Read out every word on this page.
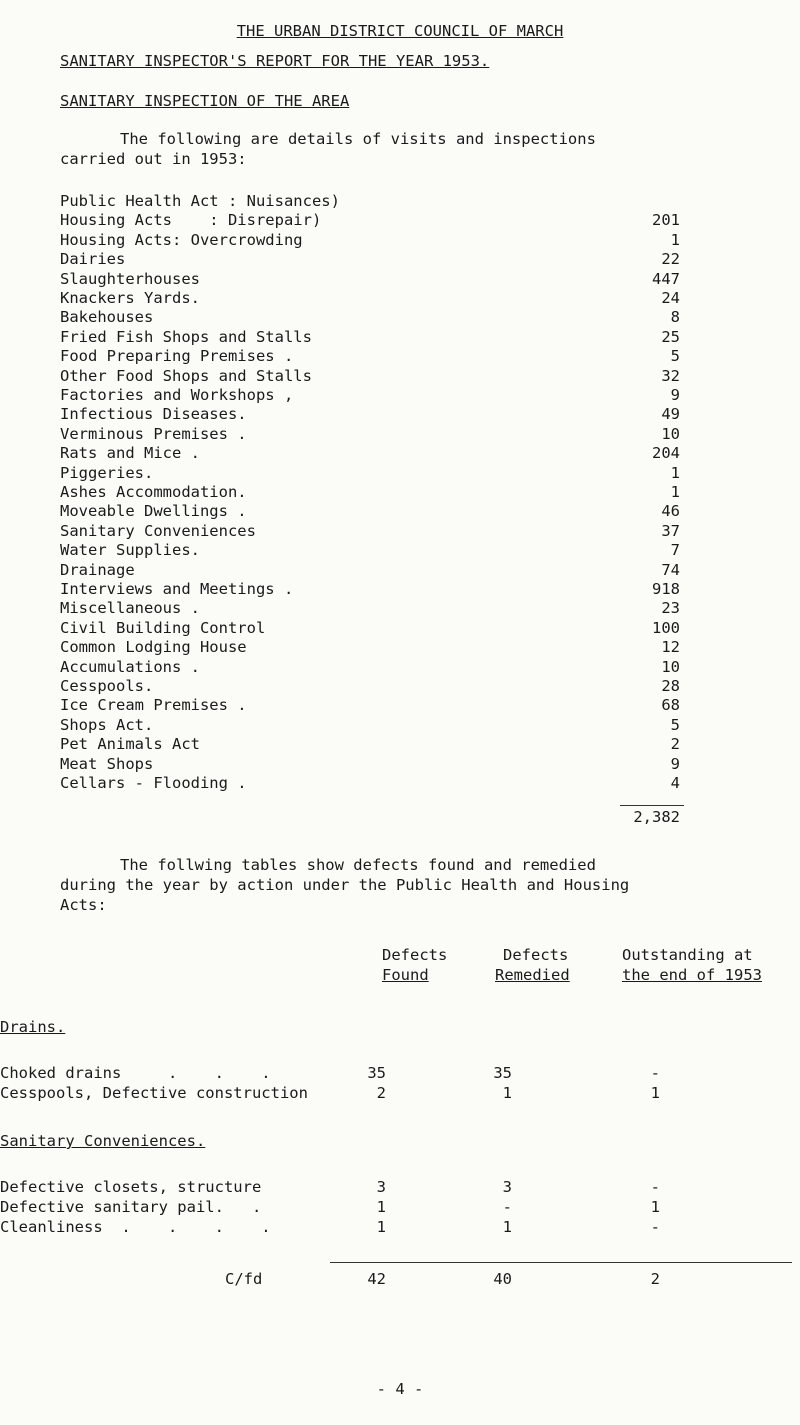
THE URBAN DISTRICT COUNCIL OF MARCH
SANITARY INSPECTOR'S REPORT FOR THE YEAR 1953.
SANITARY INSPECTION OF THE AREA
The following are details of visits and inspections
carried out in 1953:
Public Health Act : Nuisances)
Housing Acts    : Disrepair)	201
Housing Acts: Overcrowding	1
Dairies	22
Slaughterhouses	447
Knackers Yards.	24
Bakehouses	8
Fried Fish Shops and Stalls	25
Food Preparing Premises .	5
Other Food Shops and Stalls	32
Factories and Workshops ,	9
Infectious Diseases.	49
Verminous Premises .	10
Rats and Mice .	204
Piggeries.	1
Ashes Accommodation.	1
Moveable Dwellings .	46
Sanitary Conveniences	37
Water Supplies.	7
Drainage	74
Interviews and Meetings .	918
Miscellaneous .	23
Civil Building Control	100
Common Lodging House	12
Accumulations .	10
Cesspools.	28
Ice Cream Premises .	68
Shops Act.	5
Pet Animals Act	2
Meat Shops	9
Cellars - Flooding .	4
2,382
The follwing tables show defects found and remedied
during the year by action under the Public Health and Housing
Acts:
Defects
Found
Defects
Remedied
Outstanding at
the end of 1953
Drains.
Choked drains     .    .    .	35	35	-
Cesspools, Defective construction	2	1	1
Sanitary Conveniences.
Defective closets, structure	3	3	-
Defective sanitary pail.   .	1	-	1
Cleanliness  .    .    .    .	1	1	-
C/fd	42	40	2
- 4 -
